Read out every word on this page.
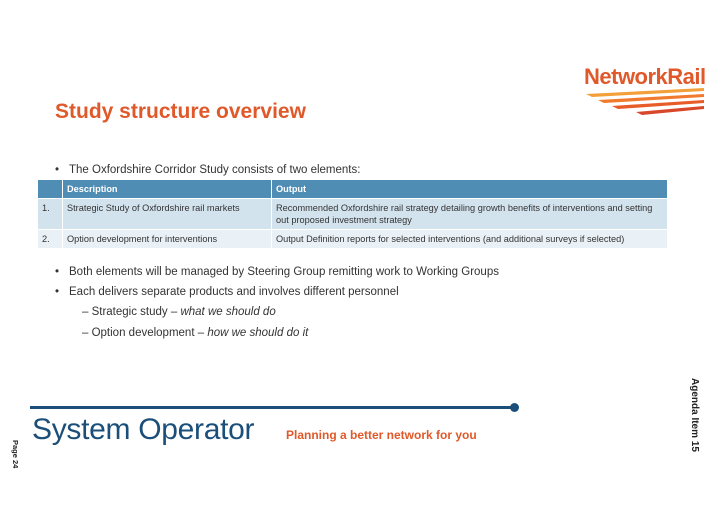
NetworkRail
Study structure overview
• The Oxfordshire Corridor Study consists of two elements:
	Description	Output
1.	Strategic Study of Oxfordshire rail markets	Recommended Oxfordshire rail strategy detailing growth benefits of interventions and setting out proposed investment strategy
2.	Option development for interventions	Output Definition reports for selected interventions (and additional surveys if selected)
• Both elements will be managed by Steering Group remitting work to Working Groups
• Each delivers separate products and involves different personnel
– Strategic study – what we should do
– Option development – how we should do it
System Operator	Planning a better network for you
Page 24
Agenda Item 15
